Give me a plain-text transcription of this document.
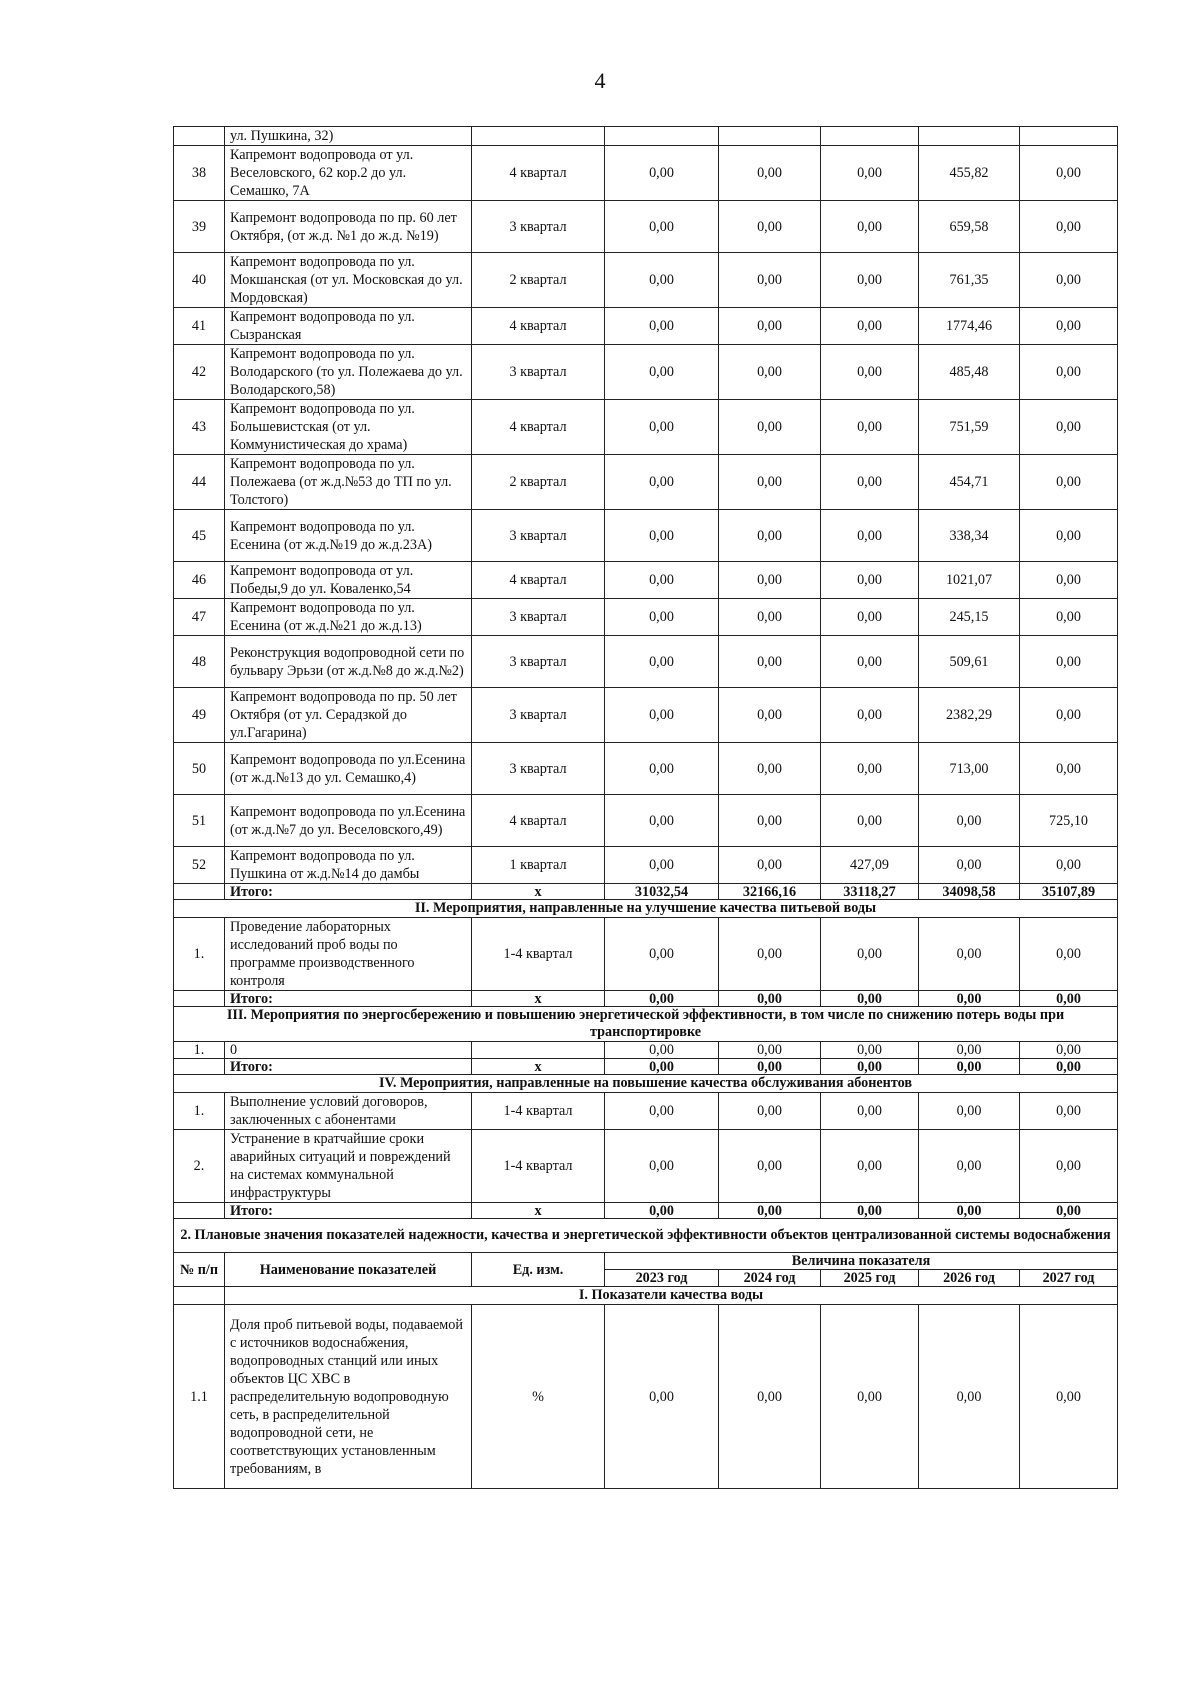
4
	ул. Пушкина, 32)						
38	Капремонт водопровода от ул. Веселовского, 62 кор.2 до ул. Семашко, 7А	4 квартал	0,00	0,00	0,00	455,82	0,00
39	Капремонт водопровода по пр. 60 лет Октября, (от ж.д. №1 до ж.д. №19)	3 квартал	0,00	0,00	0,00	659,58	0,00
40	Капремонт водопровода по ул. Мокшанская (от ул. Московская до ул. Мордовская)	2 квартал	0,00	0,00	0,00	761,35	0,00
41	Капремонт водопровода по ул. Сызранская	4 квартал	0,00	0,00	0,00	1774,46	0,00
42	Капремонт водопровода по ул. Володарского (то ул. Полежаева до ул. Володарского,58)	3 квартал	0,00	0,00	0,00	485,48	0,00
43	Капремонт водопровода по ул. Большевистская (от ул. Коммунистическая до храма)	4 квартал	0,00	0,00	0,00	751,59	0,00
44	Капремонт водопровода по ул. Полежаева (от ж.д.№53 до ТП по ул. Толстого)	2 квартал	0,00	0,00	0,00	454,71	0,00
45	Капремонт водопровода по ул. Есенина (от ж.д.№19 до ж.д.23А)	3 квартал	0,00	0,00	0,00	338,34	0,00
46	Капремонт водопровода от ул. Победы,9 до ул. Коваленко,54	4 квартал	0,00	0,00	0,00	1021,07	0,00
47	Капремонт водопровода по ул. Есенина (от ж.д.№21 до ж.д.13)	3 квартал	0,00	0,00	0,00	245,15	0,00
48	Реконструкция водопроводной сети по бульвару Эрьзи (от ж.д.№8 до ж.д.№2)	3 квартал	0,00	0,00	0,00	509,61	0,00
49	Капремонт водопровода по пр. 50 лет Октября (от ул. Серадзкой до ул.Гагарина)	3 квартал	0,00	0,00	0,00	2382,29	0,00
50	Капремонт водопровода по ул.Есенина (от ж.д.№13 до ул. Семашко,4)	3 квартал	0,00	0,00	0,00	713,00	0,00
51	Капремонт водопровода по ул.Есенина (от ж.д.№7 до ул. Веселовского,49)	4 квартал	0,00	0,00	0,00	0,00	725,10
52	Капремонт водопровода по ул. Пушкина от ж.д.№14 до дамбы	1 квартал	0,00	0,00	427,09	0,00	0,00
	Итого:	х	31032,54	32166,16	33118,27	34098,58	35107,89
II. Мероприятия, направленные на улучшение качества питьевой воды							
1.	Проведение лабораторных исследований проб воды по программе производственного контроля	1-4 квартал	0,00	0,00	0,00	0,00	0,00
	Итого:	х	0,00	0,00	0,00	0,00	0,00
III. Мероприятия по энергосбережению и повышению энергетической эффективности, в том числе по снижению потерь воды при транспортировке							
1.	0		0,00	0,00	0,00	0,00	0,00
	Итого:	х	0,00	0,00	0,00	0,00	0,00
IV. Мероприятия, направленные на повышение качества обслуживания абонентов							
1.	Выполнение условий договоров, заключенных с абонентами	1-4 квартал	0,00	0,00	0,00	0,00	0,00
2.	Устранение в кратчайшие сроки аварийных ситуаций и повреждений на системах коммунальной инфраструктуры	1-4 квартал	0,00	0,00	0,00	0,00	0,00
	Итого:	х	0,00	0,00	0,00	0,00	0,00
2. Плановые значения показателей надежности, качества и энергетической эффективности объектов централизованной системы водоснабжения							
№ п/п	Наименование показателей	Ед. изм.	Величина показателя				
			2023 год	2024 год	2025 год	2026 год	2027 год
	I. Показатели качества воды						
1.1	Доля проб питьевой воды, подаваемой с источников водоснабжения, водопроводных станций или иных объектов ЦС ХВС в распределительную водопроводную сеть, в распределительной водопроводной сети, не соответствующих установленным требованиям, в	%	0,00	0,00	0,00	0,00	0,00
